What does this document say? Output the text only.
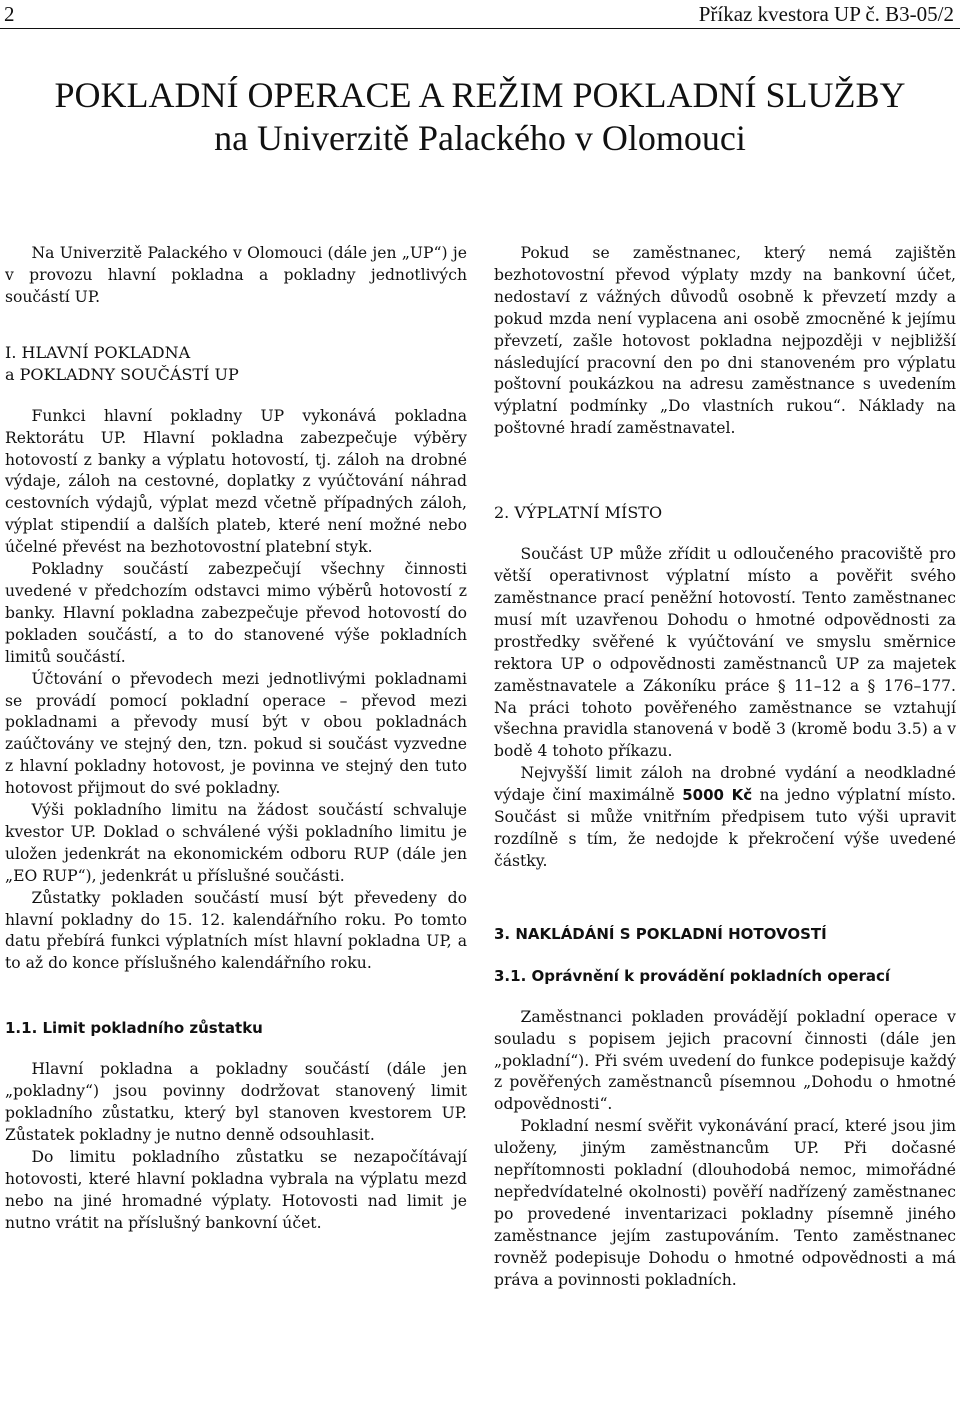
2	Příkaz kvestora UP č. B3-05/2
POKLADNÍ OPERACE A REŽIM POKLADNÍ SLUŽBY
na Univerzitě Palackého v Olomouci

Na Univerzitě Palackého v Olomouci (dále jen „UP“) je v provozu hlavní pokladna a pokladny jednotlivých součástí UP.

I. HLAVNÍ POKLADNA
a POKLADNY SOUČÁSTÍ UP

Funkci hlavní pokladny UP vykonává pokladna Rektorátu UP. Hlavní pokladna zabezpečuje výběry hotovostí z banky a výplatu hotovostí, tj. záloh na drobné výdaje, záloh na cestovné, doplatky z vyúčtování náhrad cestovních výdajů, výplat mezd včetně případných záloh, výplat stipendií a dalších plateb, které není možné nebo účelné převést na bezhotovostní platební styk.

Pokladny součástí zabezpečují všechny činnosti uvedené v předchozím odstavci mimo výběrů hotovostí z banky. Hlavní pokladna zabezpečuje převod hotovostí do pokladen součástí, a to do stanovené výše pokladních limitů součástí.

Účtování o převodech mezi jednotlivými pokladnami se provádí pomocí pokladní operace – převod mezi pokladnami a převody musí být v obou pokladnách zaúčtovány ve stejný den, tzn. pokud si součást vyzvedne z hlavní pokladny hotovost, je povinna ve stejný den tuto hotovost přijmout do své pokladny.

Výši pokladního limitu na žádost součástí schvaluje kvestor UP. Doklad o schválené výši pokladního limitu je uložen jedenkrát na ekonomickém odboru RUP (dále jen „EO RUP“), jedenkrát u příslušné součásti.

Zůstatky pokladen součástí musí být převedeny do hlavní pokladny do 15. 12. kalendářního roku. Po tomto datu přebírá funkci výplatních míst hlavní pokladna UP, a to až do konce příslušného kalendářního roku.

1.1. Limit pokladního zůstatku

Hlavní pokladna a pokladny součástí (dále jen „pokladny“) jsou povinny dodržovat stanovený limit pokladního zůstatku, který byl stanoven kvestorem UP. Zůstatek pokladny je nutno denně odsouhlasit.

Do limitu pokladního zůstatku se nezapočítávají hotovosti, které hlavní pokladna vybrala na výplatu mezd nebo na jiné hromadné výplaty. Hotovosti nad limit je nutno vrátit na příslušný bankovní účet.

Pokud se zaměstnanec, který nemá zajištěn bezhotovostní převod výplaty mzdy na bankovní účet, nedostaví z vážných důvodů osobně k převzetí mzdy a pokud mzda není vyplacena ani osobě zmocněné k jejímu převzetí, zašle hotovost pokladna nejpozději v nejbližší následující pracovní den po dni stanoveném pro výplatu poštovní poukázkou na adresu zaměstnance s uvedením výplatní podmínky „Do vlastních rukou“. Náklady na poštovné hradí zaměstnavatel.

2. VÝPLATNÍ MÍSTO

Součást UP může zřídit u odloučeného pracoviště pro větší operativnost výplatní místo a pověřit svého zaměstnance prací peněžní hotovostí. Tento zaměstnanec musí mít uzavřenou Dohodu o hmotné odpovědnosti za prostředky svěřené k vyúčtování ve smyslu směrnice rektora UP o odpovědnosti zaměstnanců UP za majetek zaměstnavatele a Zákoníku práce § 11–12 a § 176–177. Na práci tohoto pověřeného zaměstnance se vztahují všechna pravidla stanovená v bodě 3 (kromě bodu 3.5) a v bodě 4 tohoto příkazu.

Nejvyšší limit záloh na drobné vydání a neodkladné výdaje činí maximálně 5000 Kč na jedno výplatní místo. Součást si může vnitřním předpisem tuto výši upravit rozdílně s tím, že nedojde k překročení výše uvedené částky.

3. NAKLÁDÁNÍ S POKLADNÍ HOTOVOSTÍ
3.1. Oprávnění k provádění pokladních operací

Zaměstnanci pokladen provádějí pokladní operace v souladu s popisem jejich pracovní činnosti (dále jen „pokladní“). Při svém uvedení do funkce podepisuje každý z pověřených zaměstnanců písemnou „Dohodu o hmotné odpovědnosti“.

Pokladní nesmí svěřit vykonávání prací, které jsou jim uloženy, jiným zaměstnancům UP. Při dočasné nepřítomnosti pokladní (dlouhodobá nemoc, mimořádné nepředvídatelné okolnosti) pověří nadřízený zaměstnanec po provedené inventarizaci pokladny písemně jiného zaměstnance jejím zastupováním. Tento zaměstnanec rovněž podepisuje Dohodu o hmotné odpovědnosti a má práva a povinnosti pokladních.
